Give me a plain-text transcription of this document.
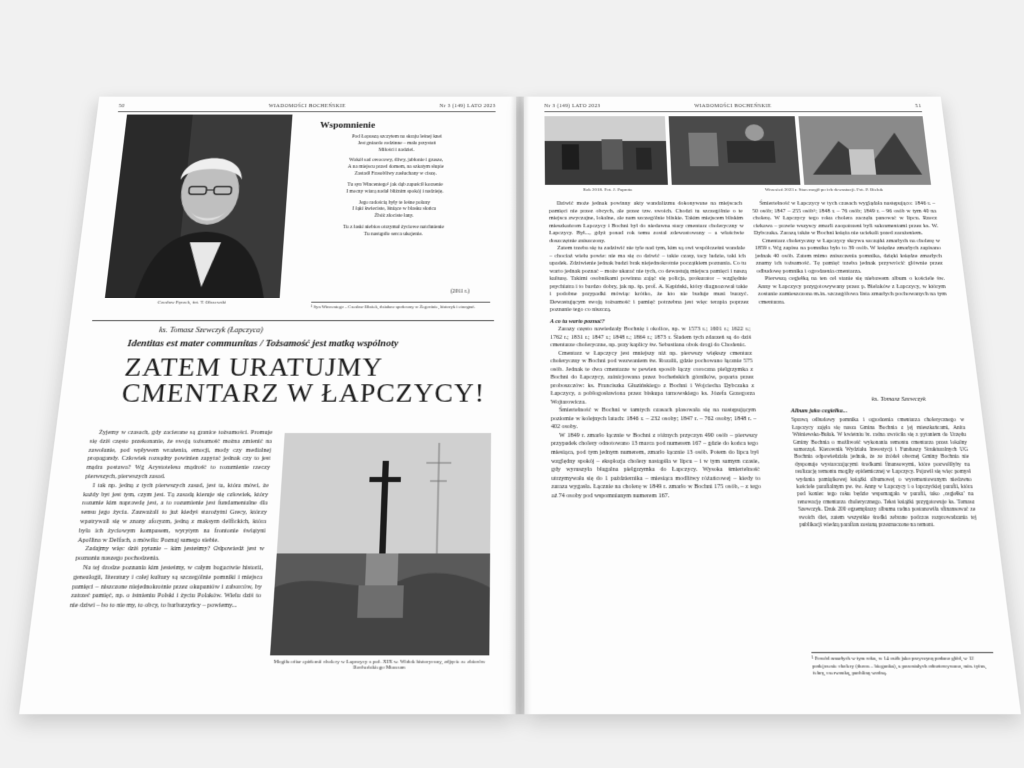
50	WIADOMOŚCI BOCHEŃSKIE	Nr 3 (149) LATO 2023
Czesław Pęczek, fot. T. Olszewski
Wspomnienie

Pod Łopuszą szczytem na skraju leśnej knei
Jest gniazdo rodzinne – mała przystań
Miłości i nadziei.

Wokół sad owocowy, śliwy, jabłonie i grusze,
A na miejscu przed domem, na szkatym słupie
Zastadł Frasobliwy zasłuchany w ciszę.

Tu syn Wincentego¹ jak dąb zapuścił korzenie
I mocny wiarą nadał bliźnim spokój i nadzieję.

Jego radością były te leśne polany
I łąki kwieciste, lśniące w blasku słońca
Żbóż złociste łany.

Tu z łaski niebios otrzymał życiowe natchnienie
Tu nastąpiło serca ukojenie.

(2011 r.)
¹ Syn Wincentego – Czesław Błażek, działacz społeczny w Żegocinie, historyk i etnograf.
ks. Tomasz Szewczyk (Łapczyca)
Identitas est mater communitas / Tożsamość jest matką wspólnoty
ZATEM URATUJMY
CMENTARZ W ŁAPCZYCY!

Żyjemy w czasach, gdy zacierane są granice tożsamości. Promuje się dziś często przekonanie, że swoją tożsamość można zmienić na zawołanie, pod wpływem wrażenia, emocji, mody czy medialnej propagandy. Człowiek rozsądny powinien zapytać jednak czy to jest mądra postawa? Wg Arystotelesa mądrość to rozumienie rzeczy pierwszych, pierwszych zasad.

I tak np. jedną z tych pierwszych zasad, jest ta, która mówi, że każdy byt jest tym, czym jest. Tą zasadą kieruje się człowiek, który rozumie kim naprawdę jest, a to rozumienie jest fundamentalne dla sensu jego życia. Zauważali to już kiedyś starożytni Grecy, którzy wpatrywali się w znany aforyzm, jedną z maksym delfickich, która była ich życiowym kompasem, wyrytym na frontonie świątyni Apollina w Delfach, a mówiła: Poznaj samego siebie.

Zadajmy więc dziś pytanie – kim jesteśmy? Odpowiedź jest w poznaniu naszego pochodzenia.

Na tej drodze poznania kim jesteśmy, w całym bogactwie historii, genealogii, literatury i całej kultury są szczególnie pomniki i miejsca pamięci – niszczone niejednokrotnie przez okupantów i zaborców, by zatrzeć pamięć, np. o istnieniu Polski i życiu Polaków. Wielu dziś to nie dziwi – bo to nie my, to obcy, to barbarzyńcy – powiemy...

Mogiła ofiar epidemii cholery w Łapczycy z poł. XIX w. Widok historyczny, zdjęcie ze zbiorów Bocheńskiego Muzeum
Nr 3 (149) LATO 2023	WIADOMOŚCI BOCHEŃSKIE	51
Rok 2018. Fot. J. Paprota	Wrzesień 2023 r. Stan mogił po ich dewastacji. Fot. P. Bieluk

Dziwić może jednak powinny akty wandalizmu dokonywane na miejscach pamięci nie przez obcych, ale przez tzw. swoich. Chodzi tu szczególnie o te miejsca zwyczajne, lokalne, ale nam szczególnie bliskie. Takim miejscem bliskim mieszkańcom Łapczycy i Bochni był do niedawna stary cmentarz choleryczny w Łapczycy. Był..., gdyż ponad rok temu został zdewastowany – a właściwie doszczętnie zniszczony.

Zatem trzeba się tu zadziwić nie tyle nad tym, kim są owi współcześni wandale – chociaż wielu powie: nie ma się co dziwić – takie czasy, tacy ludzie, taki ich upadek. Zdziwienie jednak budzi brak niejednokrotnie początkiem poznania. Co tu warto jednak poznać – może ukarać nie tych, co dewastują miejsca pamięci i naszą kulturę. Takimi osobnikami powinna zająć się policja, prokurator – względnie psychiatra i to bardzo dobry, jak np. śp. prof. A. Kępiński, który diagnozował takie i podobne przypadki mówiąc krótko, że kto nie buduje musi burzyć. Dewastującym swoją tożsamość i pamięć potrzebna jest więc terapia poprzez poznanie tego co niszczą.

A co tu warto poznać?

Zarazy często nawiedzały Bochnię i okolice, np. w 1573 r.; 1601 r.; 1622 r.; 1762 r.; 1831 r.; 1847 r.; 1848 r.; 1864 r.; 1873 r. Śladem tych zdarzeń są do dziś cmentarze choleryczne, np. przy kaplicy św. Sebastiana obok drogi do Chodenic.

Cmentarz w Łapczycy jest mniejszy niż np. pierwszy większy cmentarz choleryczny w Bochni pod wezwaniem św. Rozalii, gdzie pochowano łącznie 575 osób. Jednak te dwa cmentarze w pewien sposób łączy coroczna pielgrzymka z Bochni do Łapczycy, zainicjowana przez bocheńskich górników, poparta przez proboszczów: ks. Franciszka Głuzińskiego z Bochni i Wojciecha Dybczaka z Łapczycy, a pobłogosławiona przez biskupa tarnowskiego ks. Józefa Grzegorza Wojtarowicza.

Śmiertelność w Bochni w tamtych czasach plasowała się na następującym poziomie w kolejnych latach: 1846 r. – 232 osoby; 1847 r. – 762 osoby; 1848 r. – 402 osoby.

W 1849 r. zmarło łącznie w Bochni z różnych przyczyn 490 osób – pierwszy przypadek cholery odnotowano 13 marca pod numerem 167 – gdzie do końca tego miesiąca, pod tym jednym numerem, zmarło łącznie 13 osób. Potem do lipca był względny spokój – eksplozja cholery nastąpiła w lipcu – i w tym samym czasie, gdy wyruszyła błagalna pielgrzymka do Łapczycy. Wysoka śmiertelność utrzymywała się do 1 października – miesiąca modlitwy różańcowej – kiedy to zaraza wygasła. Łącznie na cholerę w 1849 r. zmarło w Bochni 175 osób, – z tego aż 74 osoby pod wspomnianym numerem 167.

Śmiertelność w Łapczycy w tych czasach wyglądała następująco: 1846 r. – 50 osób; 1847 – 255 osób¹; 1848 r. – 76 osób; 1849 r. – 96 osób w tym 40 na cholerę. W Łapczycy tego roku cholera zaczęła panować w lipcu. Rzecz ciekawa – prawie wszyscy zmarli zaopatrzeni byli sakramentami przez ks. W. Dybczaka. Zarazą także w Bochni księża nie uciekali przed zarażeniem.

Cmentarz choleryczny w Łapczycy skrywa szczątki zmarłych na cholerę w 1859 r. Wg zapisu na pomniku było to 39 osób. W księdze zmarłych zapisano jednak 40 osób. Zatem mimo zniszczenia pomnika, dzięki księdze zmarłych znamy ich tożsamość. Tę pamięć trzeba jednak przywrócić głównie przez odbudowę pomnika i ogrodzenia cmentarza.

Pierwszą cegiełką na ten cel stanie się niebawem album o kościele św. Anny w Łapczycy przygotowywany przez p. Bielaków z Łapczycy, w którym zostanie zamieszczona m.in. szczegółowa lista zmarłych pochowanych na tym cmentarzu.

ks. Tomasz Szewczyk
Album jako cegiełka...
Sprawą odbudowy pomnika i ogrodzenia cmentarza cholerycznego w Łapczycy zajęła się nasza Gmina Bochnia z jej mieszkańcami, Anita Wiśniewska-Bułak. W kwietniu br. radna zwróciła się z pytaniem do Urzędu Gminy Bochnia o możliwość wykonania remontu cmentarza przez lokalny samorząd. Kierownik Wydziału Inwestycji i Funduszy Strukturalnych UG Bochnia odpowiedziała jednak, że ze źródeł obecnej Gminy Bochnia nie dysponuje wystarczającymi środkami finansowymi, które pozwoliłyby na realizację remontu mogiły epidemicznej w Łapczycy. Pojawił się więc pomysł wydania pamiątkowej książki albumowej o wyremontowanym niedawno kościele parafialnym pw. św. Anny w Łapczycy i o łapczyckiej parafii, która pod koniec tego roku będzie wspomagała w parafii, tako ‚cegiełka’ na renowację cmentarza cholerycznego. Tekst książki przygotowuje ks. Tomasz Szewczyk. Druk 200 egzemplarzy albumu radna postanowiła sfinansować ze swoich diet, zatem wszystkie środki zebrane podczas rozprowadzania tej publikacji wiedzą parafian zostaną przeznaczone na remont.
¹ Powód zmarłych w tym roku, w 14 osób jako przyczynę podano głód, w 12 podejrzenie cholery (duroa – biegunka), a pozostałych odnotowywano, min. tyfus, febrę, czerwonkę, puchlinę wodną.
